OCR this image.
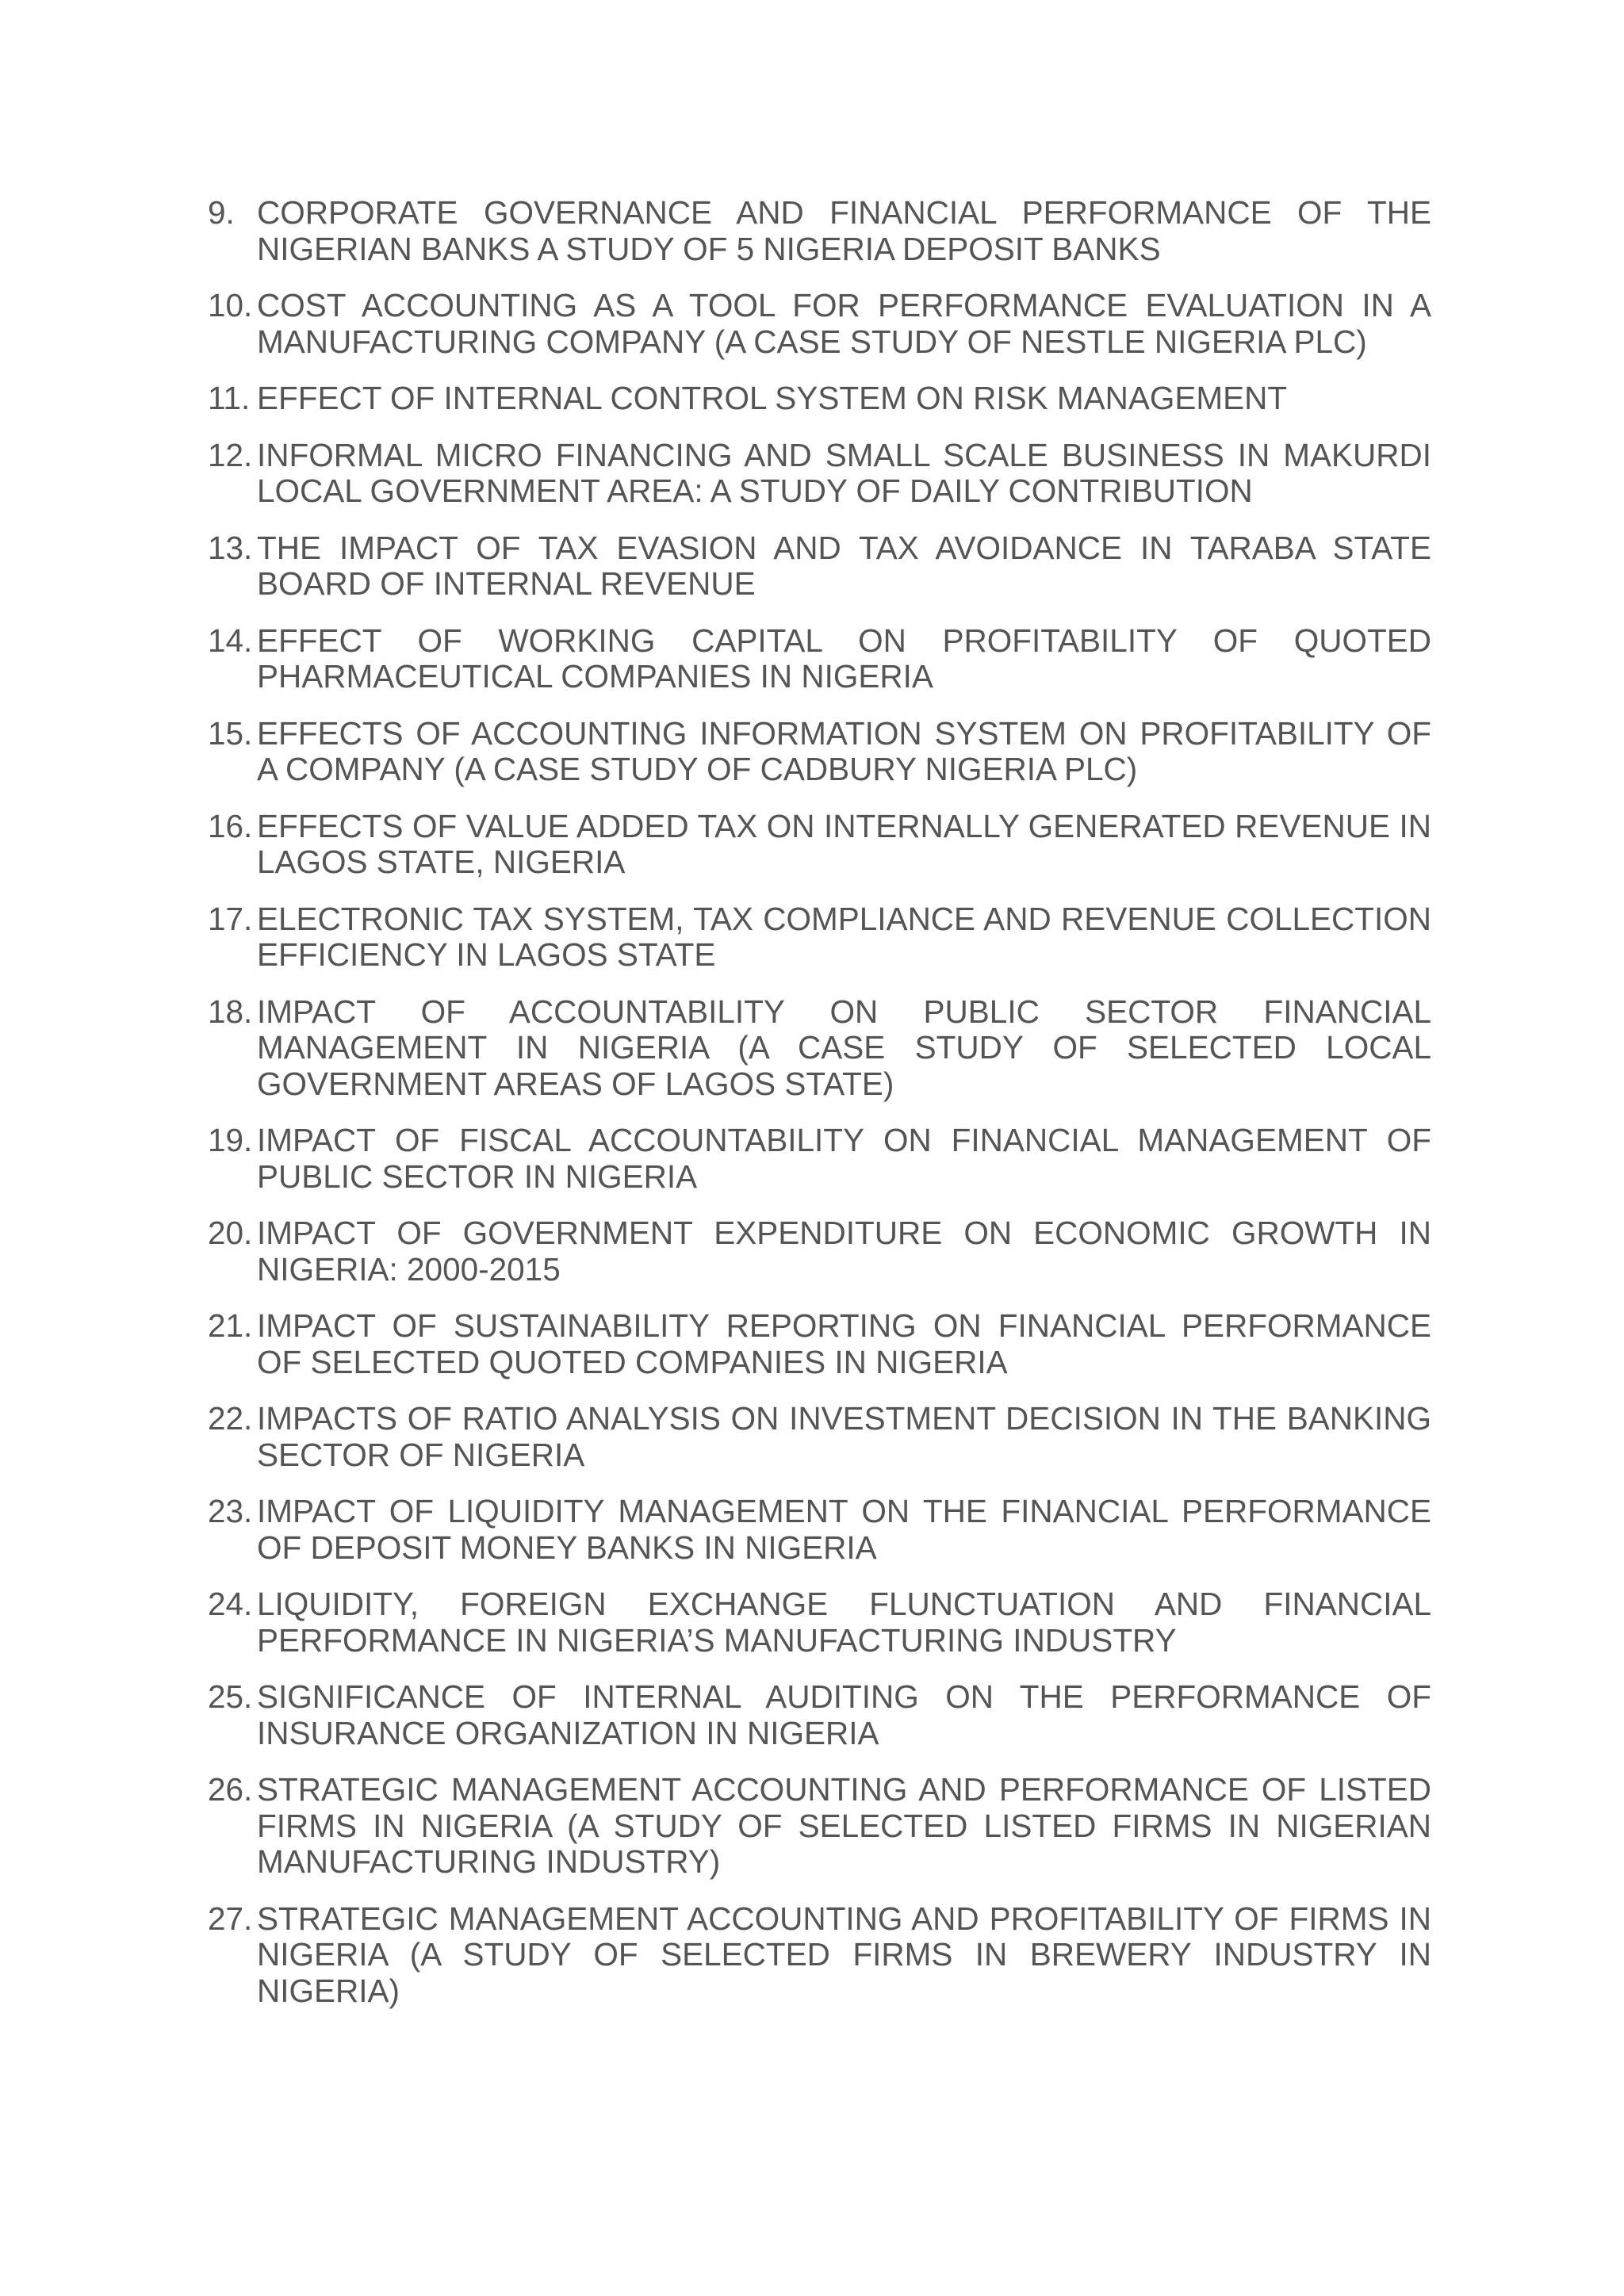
9. CORPORATE GOVERNANCE AND FINANCIAL PERFORMANCE OF THE NIGERIAN BANKS A STUDY OF 5 NIGERIA DEPOSIT BANKS
10. COST ACCOUNTING AS A TOOL FOR PERFORMANCE EVALUATION IN A MANUFACTURING COMPANY (A CASE STUDY OF NESTLE NIGERIA PLC)
11. EFFECT OF INTERNAL CONTROL SYSTEM ON RISK MANAGEMENT
12. INFORMAL MICRO FINANCING AND SMALL SCALE BUSINESS IN MAKURDI LOCAL GOVERNMENT AREA: A STUDY OF DAILY CONTRIBUTION
13. THE IMPACT OF TAX EVASION AND TAX AVOIDANCE IN TARABA STATE BOARD OF INTERNAL REVENUE
14. EFFECT OF WORKING CAPITAL ON PROFITABILITY OF QUOTED PHARMACEUTICAL COMPANIES IN NIGERIA
15. EFFECTS OF ACCOUNTING INFORMATION SYSTEM ON PROFITABILITY OF A COMPANY (A CASE STUDY OF CADBURY NIGERIA PLC)
16. EFFECTS OF VALUE ADDED TAX ON INTERNALLY GENERATED REVENUE IN LAGOS STATE, NIGERIA
17. ELECTRONIC TAX SYSTEM, TAX COMPLIANCE AND REVENUE COLLECTION EFFICIENCY IN LAGOS STATE
18. IMPACT OF ACCOUNTABILITY ON PUBLIC SECTOR FINANCIAL MANAGEMENT IN NIGERIA (A CASE STUDY OF SELECTED LOCAL GOVERNMENT AREAS OF LAGOS STATE)
19. IMPACT OF FISCAL ACCOUNTABILITY ON FINANCIAL MANAGEMENT OF PUBLIC SECTOR IN NIGERIA
20. IMPACT OF GOVERNMENT EXPENDITURE ON ECONOMIC GROWTH IN NIGERIA: 2000-2015
21. IMPACT OF SUSTAINABILITY REPORTING ON FINANCIAL PERFORMANCE OF SELECTED QUOTED COMPANIES IN NIGERIA
22. IMPACTS OF RATIO ANALYSIS ON INVESTMENT DECISION IN THE BANKING SECTOR OF NIGERIA
23. IMPACT OF LIQUIDITY MANAGEMENT ON THE FINANCIAL PERFORMANCE OF DEPOSIT MONEY BANKS IN NIGERIA
24. LIQUIDITY, FOREIGN EXCHANGE FLUNCTUATION AND FINANCIAL PERFORMANCE IN NIGERIA’S MANUFACTURING INDUSTRY
25. SIGNIFICANCE OF INTERNAL AUDITING ON THE PERFORMANCE OF INSURANCE ORGANIZATION IN NIGERIA
26. STRATEGIC MANAGEMENT ACCOUNTING AND PERFORMANCE OF LISTED FIRMS IN NIGERIA (A STUDY OF SELECTED LISTED FIRMS IN NIGERIAN MANUFACTURING INDUSTRY)
27. STRATEGIC MANAGEMENT ACCOUNTING AND PROFITABILITY OF FIRMS IN NIGERIA (A STUDY OF SELECTED FIRMS IN BREWERY INDUSTRY IN NIGERIA)
